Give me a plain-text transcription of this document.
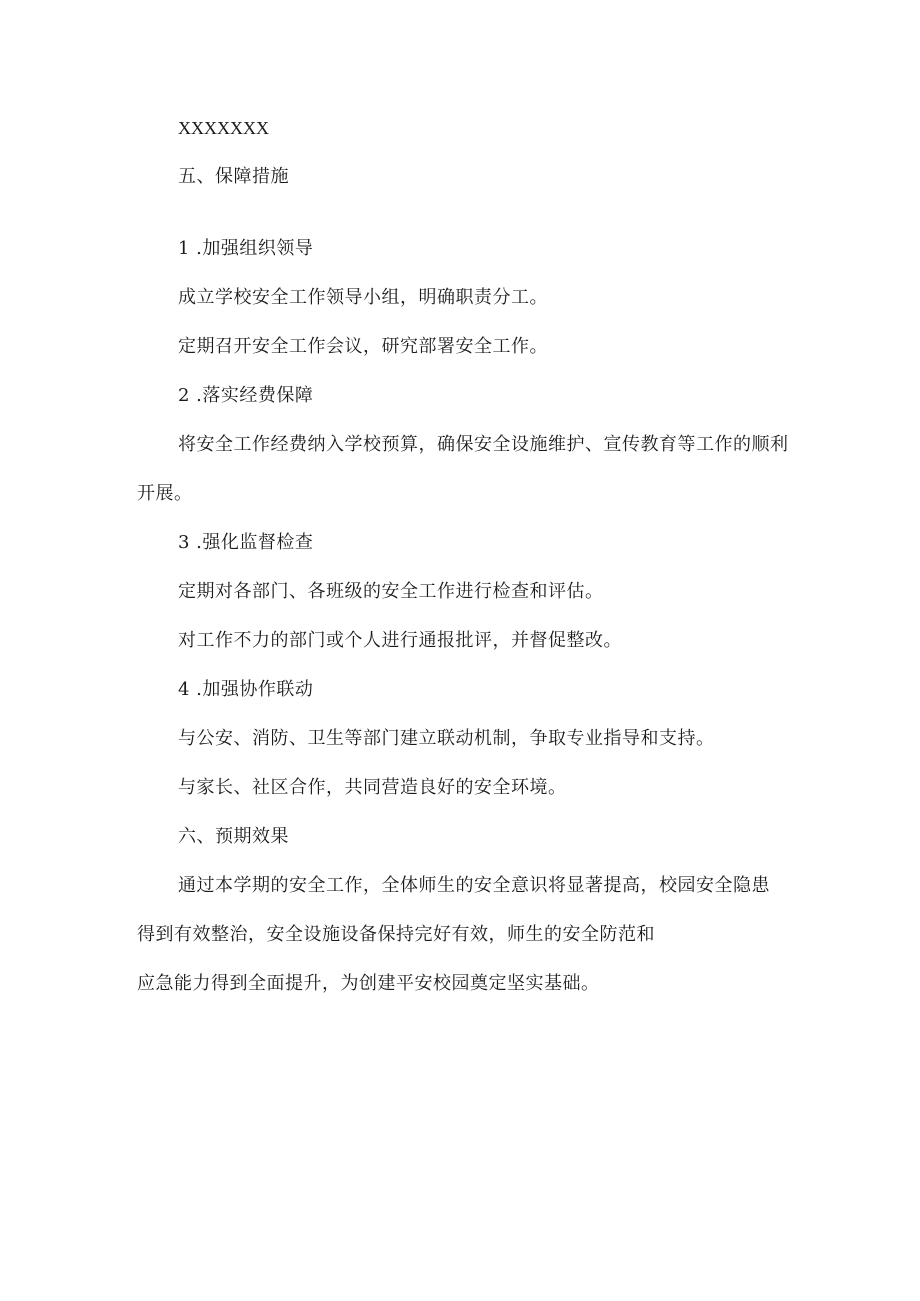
XXXXXXX
五、保障措施
1 .加强组织领导
成立学校安全工作领导小组，明确职责分工。
定期召开安全工作会议，研究部署安全工作。
2 .落实经费保障
将安全工作经费纳入学校预算，确保安全设施维护、宣传教育等工作的顺利
开展。
3 .强化监督检查
定期对各部门、各班级的安全工作进行检查和评估。
对工作不力的部门或个人进行通报批评，并督促整改。
4 .加强协作联动
与公安、消防、卫生等部门建立联动机制，争取专业指导和支持。
与家长、社区合作，共同营造良好的安全环境。
六、预期效果
通过本学期的安全工作，全体师生的安全意识将显著提高，校园安全隐患
得到有效整治，安全设施设备保持完好有效，师生的安全防范和
应急能力得到全面提升，为创建平安校园奠定坚实基础。
